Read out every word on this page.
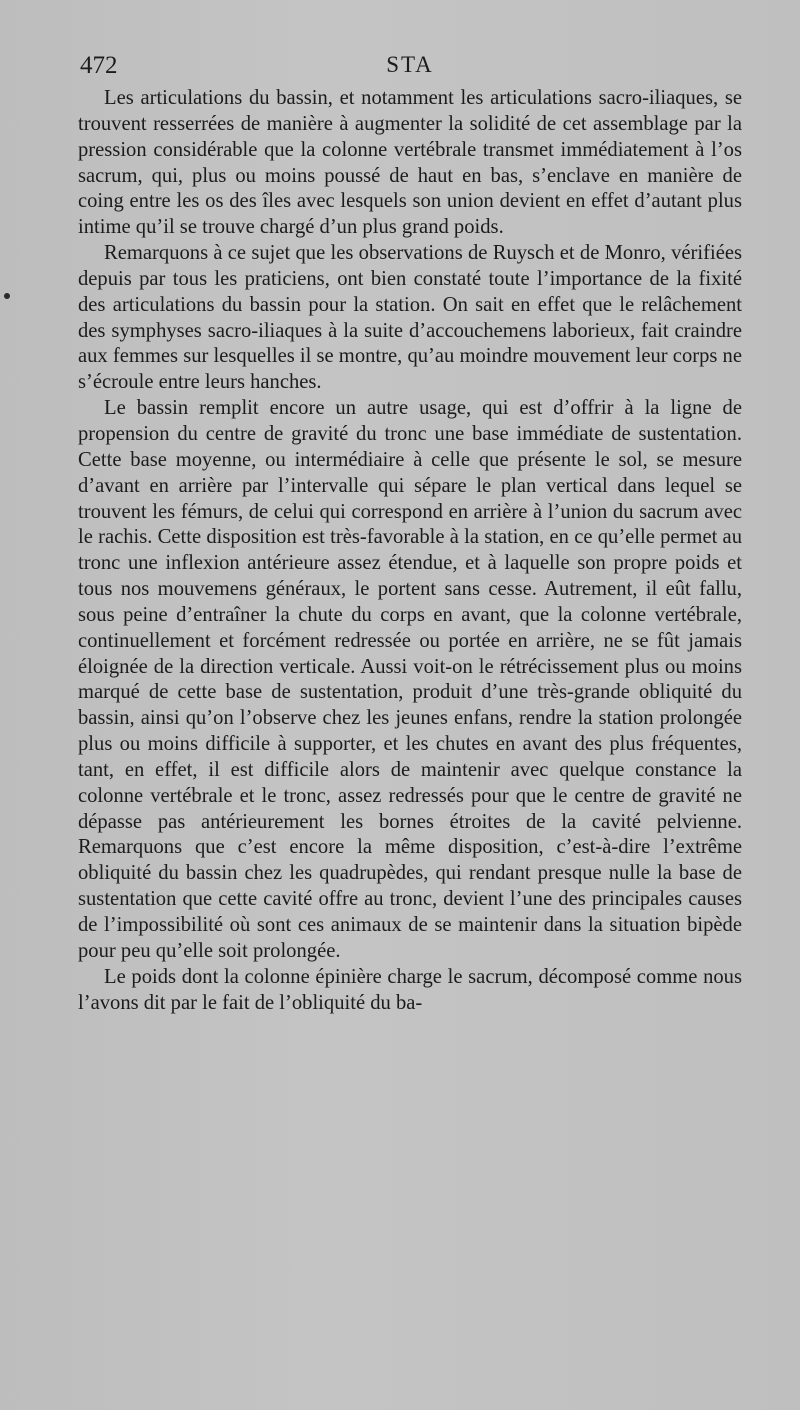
472	STA

Les articulations du bassin, et notamment les articulations sacro-iliaques, se trouvent resserrées de manière à augmenter la solidité de cet assemblage par la pression considérable que la colonne vertébrale transmet immédiatement à l’os sacrum, qui, plus ou moins poussé de haut en bas, s’enclave en manière de coing entre les os des îles avec lesquels son union devient en effet d’autant plus intime qu’il se trouve chargé d’un plus grand poids.

Remarquons à ce sujet que les observations de Ruysch et de Monro, vérifiées depuis par tous les praticiens, ont bien constaté toute l’importance de la fixité des articulations du bassin pour la station. On sait en effet que le relâchement des symphyses sacro-iliaques à la suite d’accouchemens laborieux, fait craindre aux femmes sur lesquelles il se montre, qu’au moindre mouvement leur corps ne s’écroule entre leurs hanches.

Le bassin remplit encore un autre usage, qui est d’offrir à la ligne de propension du centre de gravité du tronc une base immédiate de sustentation. Cette base moyenne, ou intermédiaire à celle que présente le sol, se mesure d’avant en arrière par l’intervalle qui sépare le plan vertical dans lequel se trouvent les fémurs, de celui qui correspond en arrière à l’union du sacrum avec le rachis. Cette disposition est très-favorable à la station, en ce qu’elle permet au tronc une inflexion antérieure assez étendue, et à laquelle son propre poids et tous nos mouvemens généraux, le portent sans cesse. Autrement, il eût fallu, sous peine d’entraîner la chute du corps en avant, que la colonne vertébrale, continuellement et forcément redressée ou portée en arrière, ne se fût jamais éloignée de la direction verticale. Aussi voit-on le rétrécissement plus ou moins marqué de cette base de sustentation, produit d’une très-grande obliquité du bassin, ainsi qu’on l’observe chez les jeunes enfans, rendre la station prolongée plus ou moins difficile à supporter, et les chutes en avant des plus fréquentes, tant, en effet, il est difficile alors de maintenir avec quelque constance la colonne vertébrale et le tronc, assez redressés pour que le centre de gravité ne dépasse pas antérieurement les bornes étroites de la cavité pelvienne. Remarquons que c’est encore la même disposition, c’est-à-dire l’extrême obliquité du bassin chez les quadrupèdes, qui rendant presque nulle la base de sustentation que cette cavité offre au tronc, devient l’une des principales causes de l’impossibilité où sont ces animaux de se maintenir dans la situation bipède pour peu qu’elle soit prolongée.

Le poids dont la colonne épinière charge le sacrum, décomposé comme nous l’avons dit par le fait de l’obliquité du ba-
